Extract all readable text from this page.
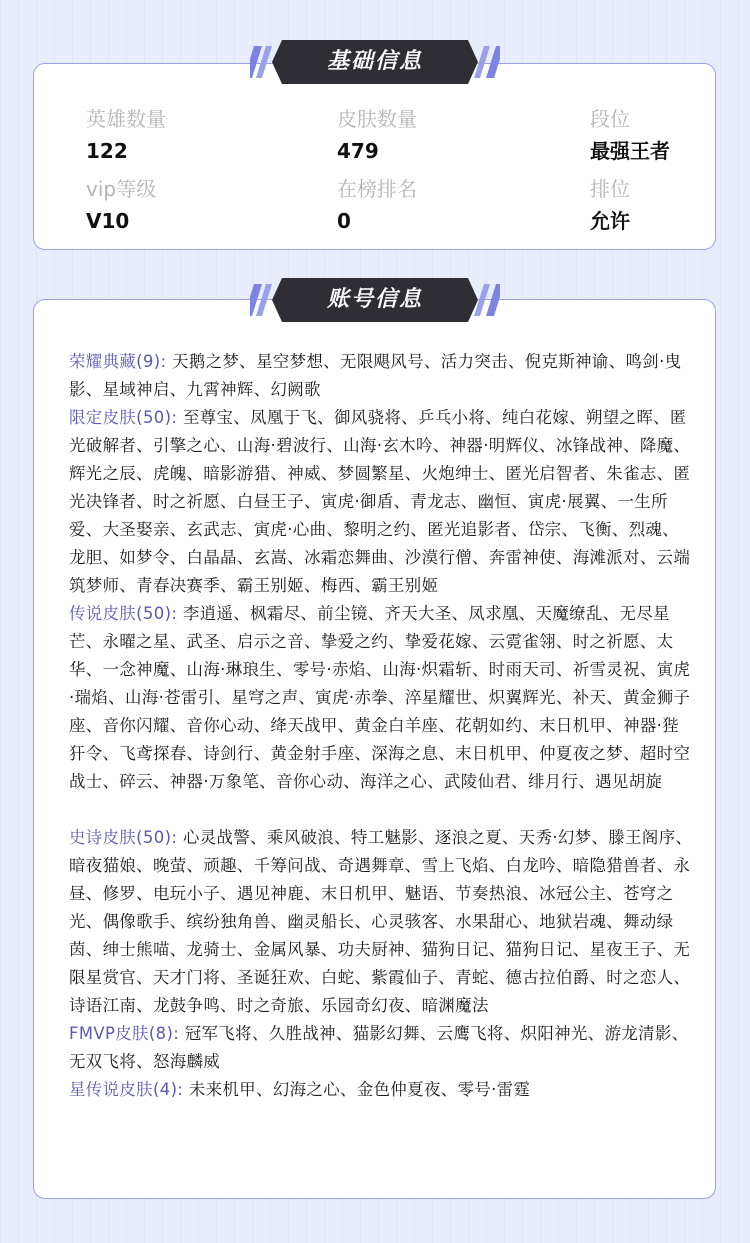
英雄数量
122
皮肤数量
479
段位
最强王者
vip等级
V10
在榜排名
0
排位
允许
基础信息

荣耀典藏(9): 天鹅之梦、星空梦想、无限飓风号、活力突击、倪克斯神谕、鸣剑·曳影、星域神启、九霄神辉、幻阙歌

限定皮肤(50): 至尊宝、凤凰于飞、御风骁将、乒乓小将、纯白花嫁、朔望之晖、匿光破解者、引擎之心、山海·碧波行、山海·玄木吟、神器·明辉仪、冰锋战神、降魔、辉光之辰、虎魄、暗影游猎、神威、梦圆繁星、火炮绅士、匿光启智者、朱雀志、匿光决锋者、时之祈愿、白昼王子、寅虎·御盾、青龙志、幽恒、寅虎·展翼、一生所爱、大圣娶亲、玄武志、寅虎·心曲、黎明之约、匿光追影者、岱宗、飞衡、烈魂、龙胆、如梦令、白晶晶、玄嵩、冰霜恋舞曲、沙漠行僧、奔雷神使、海滩派对、云端筑梦师、青春决赛季、霸王别姬、梅西、霸王别姬

传说皮肤(50): 李逍遥、枫霜尽、前尘镜、齐天大圣、凤求凰、天魔缭乱、无尽星芒、永曜之星、武圣、启示之音、挚爱之约、挚爱花嫁、云霓雀翎、时之祈愿、太华、一念神魔、山海·琳琅生、零号·赤焰、山海·炽霜斩、时雨天司、祈雪灵祝、寅虎·瑞焰、山海·苍雷引、星穹之声、寅虎·赤拳、淬星耀世、炽翼辉光、补天、黄金狮子座、音你闪耀、音你心动、绛天战甲、黄金白羊座、花朝如约、末日机甲、神器·狴犴令、飞鸢探春、诗剑行、黄金射手座、深海之息、末日机甲、仲夏夜之梦、超时空战士、碎云、神器·万象笔、音你心动、海洋之心、武陵仙君、绯月行、遇见胡旋

史诗皮肤(50): 心灵战警、乘风破浪、特工魅影、逐浪之夏、天秀·幻梦、滕王阁序、暗夜猫娘、晚萤、顽趣、千筹问战、奇遇舞章、雪上飞焰、白龙吟、暗隐猎兽者、永昼、修罗、电玩小子、遇见神鹿、末日机甲、魅语、节奏热浪、冰冠公主、苍穹之光、偶像歌手、缤纷独角兽、幽灵船长、心灵骇客、水果甜心、地狱岩魂、舞动绿茵、绅士熊喵、龙骑士、金属风暴、功夫厨神、猫狗日记、猫狗日记、星夜王子、无限星赏官、天才门将、圣诞狂欢、白蛇、紫霞仙子、青蛇、德古拉伯爵、时之恋人、诗语江南、龙鼓争鸣、时之奇旅、乐园奇幻夜、暗渊魔法

FMVP皮肤(8): 冠军飞将、久胜战神、猫影幻舞、云鹰飞将、炽阳神光、游龙清影、无双飞将、怒海麟威

星传说皮肤(4): 未来机甲、幻海之心、金色仲夏夜、零号·雷霆

账号信息
